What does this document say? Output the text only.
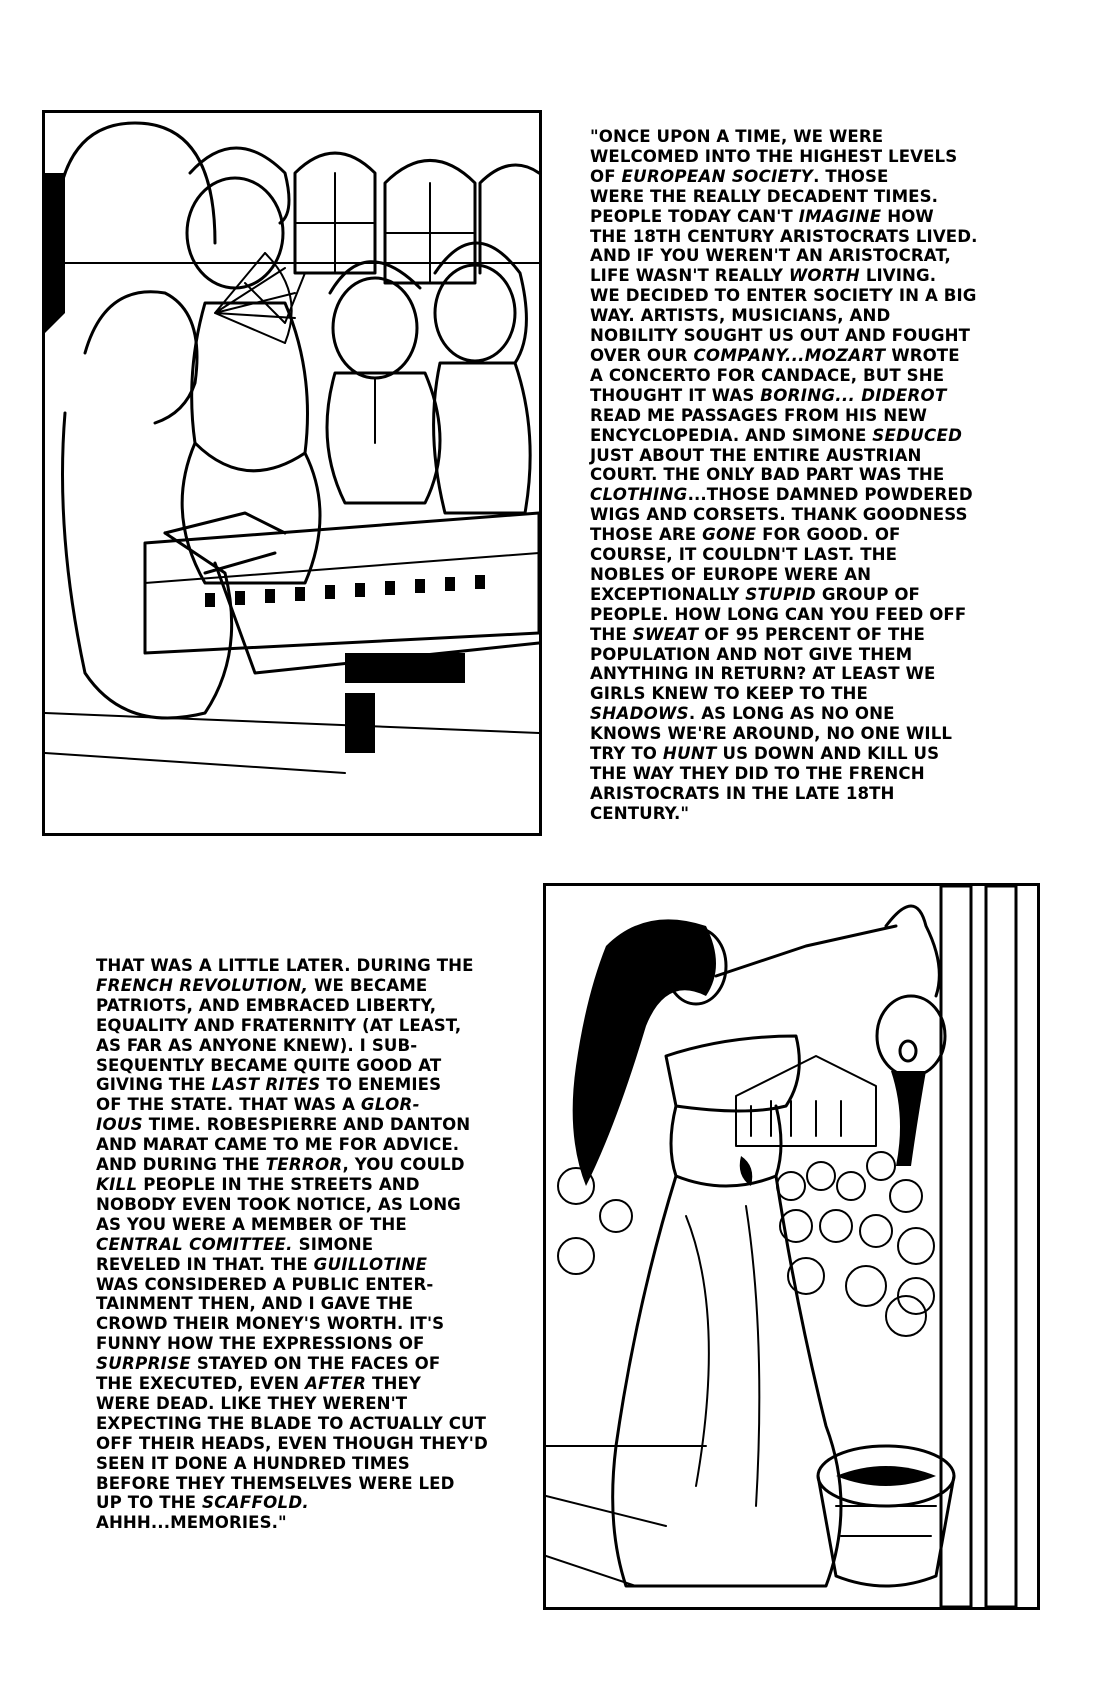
"ONCE UPON A TIME, WE WERE
WELCOMED INTO THE HIGHEST LEVELS
OF EUROPEAN SOCIETY. THOSE
WERE THE REALLY DECADENT TIMES.
PEOPLE TODAY CAN'T IMAGINE HOW
THE 18TH CENTURY ARISTOCRATS LIVED.
AND IF YOU WEREN'T AN ARISTOCRAT,
LIFE WASN'T REALLY WORTH LIVING.
WE DECIDED TO ENTER SOCIETY IN A BIG
WAY. ARTISTS, MUSICIANS, AND
NOBILITY SOUGHT US OUT AND FOUGHT
OVER OUR COMPANY...MOZART WROTE
A CONCERTO FOR CANDACE, BUT SHE
THOUGHT IT WAS BORING... DIDEROT
READ ME PASSAGES FROM HIS NEW
ENCYCLOPEDIA. AND SIMONE SEDUCED
JUST ABOUT THE ENTIRE AUSTRIAN
COURT. THE ONLY BAD PART WAS THE
CLOTHING...THOSE DAMNED POWDERED
WIGS AND CORSETS. THANK GOODNESS
THOSE ARE GONE FOR GOOD. OF
COURSE, IT COULDN'T LAST. THE
NOBLES OF EUROPE WERE AN
EXCEPTIONALLY STUPID GROUP OF
PEOPLE. HOW LONG CAN YOU FEED OFF
THE SWEAT OF 95 PERCENT OF THE
POPULATION AND NOT GIVE THEM
ANYTHING IN RETURN? AT LEAST WE
GIRLS KNEW TO KEEP TO THE
SHADOWS. AS LONG AS NO ONE
KNOWS WE'RE AROUND, NO ONE WILL
TRY TO HUNT US DOWN AND KILL US
THE WAY THEY DID TO THE FRENCH
ARISTOCRATS IN THE LATE 18TH
CENTURY."

THAT WAS A LITTLE LATER. DURING THE
FRENCH REVOLUTION, WE BECAME
PATRIOTS, AND EMBRACED LIBERTY,
EQUALITY AND FRATERNITY (AT LEAST,
AS FAR AS ANYONE KNEW). I SUB-
SEQUENTLY BECAME QUITE GOOD AT
GIVING THE LAST RITES TO ENEMIES
OF THE STATE. THAT WAS A GLOR-
IOUS TIME. ROBESPIERRE AND DANTON
AND MARAT CAME TO ME FOR ADVICE.
AND DURING THE TERROR, YOU COULD
KILL PEOPLE IN THE STREETS AND
NOBODY EVEN TOOK NOTICE, AS LONG
AS YOU WERE A MEMBER OF THE
CENTRAL COMITTEE. SIMONE
REVELED IN THAT. THE GUILLOTINE
WAS CONSIDERED A PUBLIC ENTER-
TAINMENT THEN, AND I GAVE THE
CROWD THEIR MONEY'S WORTH. IT'S
FUNNY HOW THE EXPRESSIONS OF
SURPRISE STAYED ON THE FACES OF
THE EXECUTED, EVEN AFTER THEY
WERE DEAD. LIKE THEY WEREN'T
EXPECTING THE BLADE TO ACTUALLY CUT
OFF THEIR HEADS, EVEN THOUGH THEY'D
SEEN IT DONE A HUNDRED TIMES
BEFORE THEY THEMSELVES WERE LED
UP TO THE SCAFFOLD.
AHHH...MEMORIES."
